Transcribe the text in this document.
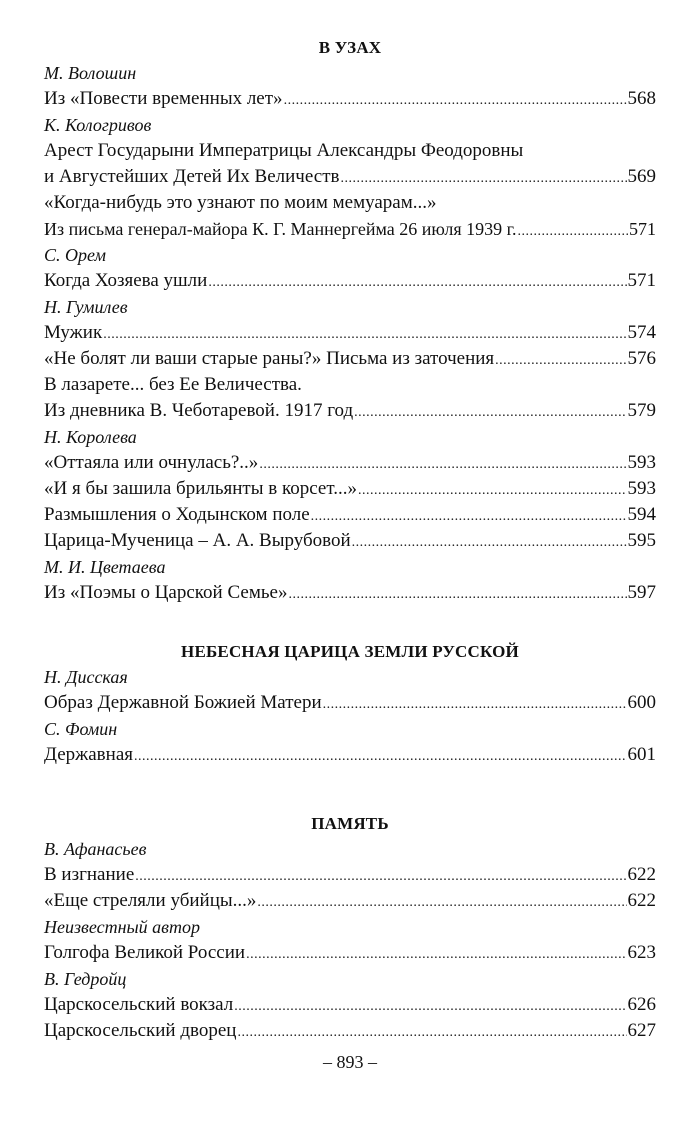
В УЗАХ
М. Волошин
Из «Повести временных лет» .....	568
К. Кологривов
Арест Государыни Императрицы Александры Феодоровны
и Августейших Детей Их Величеств .....	569
«Когда-нибудь это узнают по моим мемуарам...»
Из письма генерал-майора К. Г. Маннергейма 26 июля 1939 г. .....	571
С. Орем
Когда Хозяева ушли .....	571
Н. Гумилев
Мужик .....	574
«Не болят ли ваши старые раны?» Письма из заточения .....	576
В лазарете... без Ее Величества.
Из дневника В. Чеботаревой. 1917 год .....	579
Н. Королева
«Оттаяла или очнулась?..» .....	593
«И я бы зашила брильянты в корсет...» .....	593
Размышления о Ходынском поле .....	594
Царица-Мученица – А. А. Вырубовой .....	595
М. И. Цветаева
Из «Поэмы о Царской Семье» .....	597
НЕБЕСНАЯ ЦАРИЦА ЗЕМЛИ РУССКОЙ
Н. Дисская
Образ Державной Божией Матери .....	600
С. Фомин
Державная .....	601
ПАМЯТЬ
В. Афанасьев
В изгнание .....	622
«Еще стреляли убийцы...» .....	622
Неизвестный автор
Голгофа Великой России .....	623
В. Гедройц
Царскосельский вокзал .....	626
Царскосельский дворец .....	627
– 893 –
